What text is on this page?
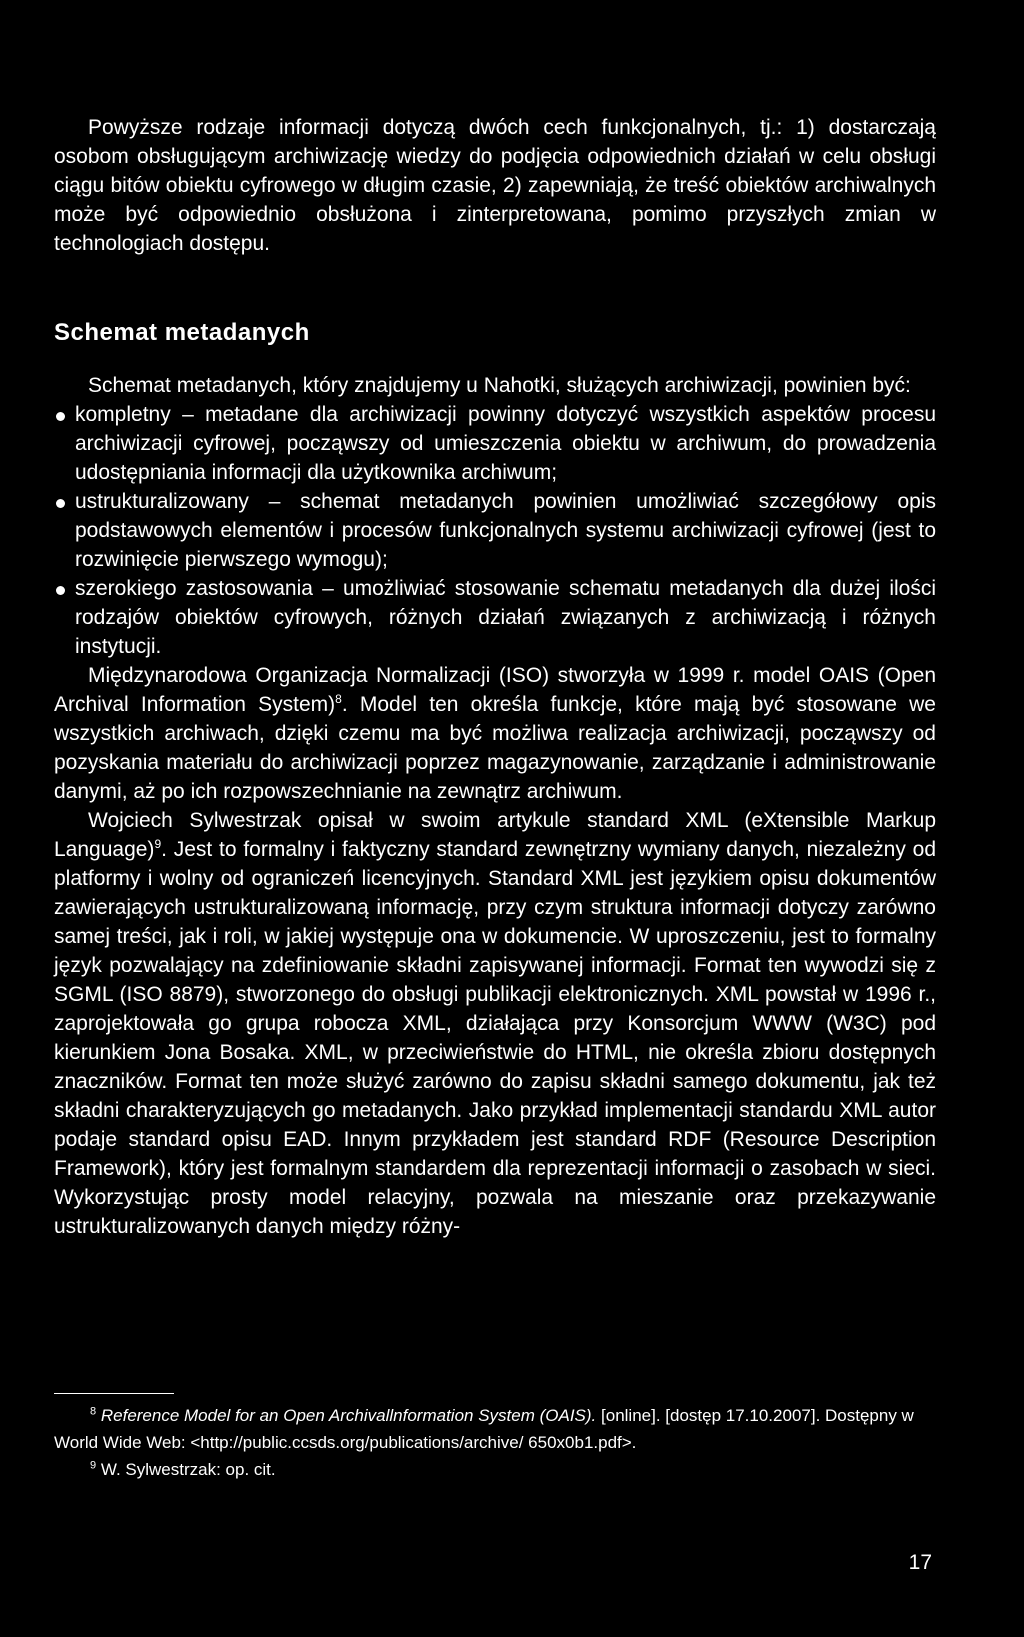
Powyższe rodzaje informacji dotyczą dwóch cech funkcjonalnych, tj.: 1) dostarczają osobom obsługującym archiwizację wiedzy do podjęcia odpowiednich działań w celu obsługi ciągu bitów obiektu cyfrowego w długim czasie, 2) zapewniają, że treść obiektów archiwalnych może być odpowiednio obsłużona i zinterpretowana, pomimo przyszłych zmian w technologiach dostępu.

Schemat metadanych

Schemat metadanych, który znajdujemy u Nahotki, służących archiwizacji, powinien być:

kompletny – metadane dla archiwizacji powinny dotyczyć wszystkich aspektów procesu archiwizacji cyfrowej, począwszy od umieszczenia obiektu w archiwum, do prowadzenia udostępniania informacji dla użytkownika archiwum;
ustrukturalizowany – schemat metadanych powinien umożliwiać szczegółowy opis podstawowych elementów i procesów funkcjonalnych systemu archiwizacji cyfrowej (jest to rozwinięcie pierwszego wymogu);
szerokiego zastosowania – umożliwiać stosowanie schematu metadanych dla dużej ilości rodzajów obiektów cyfrowych, różnych działań związanych z archiwizacją i różnych instytucji.

Międzynarodowa Organizacja Normalizacji (ISO) stworzyła w 1999 r. model OAIS (Open Archival Information System)$^8$. Model ten określa funkcje, które mają być stosowane we wszystkich archiwach, dzięki czemu ma być możliwa realizacja archiwizacji, począwszy od pozyskania materiału do archiwizacji poprzez magazynowanie, zarządzanie i administrowanie danymi, aż po ich rozpowszechnianie na zewnątrz archiwum.

Wojciech Sylwestrzak opisał w swoim artykule standard XML (eXtensible Markup Language)$^9$. Jest to formalny i faktyczny standard zewnętrzny wymiany danych, niezależny od platformy i wolny od ograniczeń licencyjnych. Standard XML jest językiem opisu dokumentów zawierających ustrukturalizowaną informację, przy czym struktura informacji dotyczy zarówno samej treści, jak i roli, w jakiej występuje ona w dokumencie. W uproszczeniu, jest to formalny język pozwalający na zdefiniowanie składni zapisywanej informacji. Format ten wywodzi się z SGML (ISO 8879), stworzonego do obsługi publikacji elektronicznych. XML powstał w 1996 r., zaprojektowała go grupa robocza XML, działająca przy Konsorcjum WWW (W3C) pod kierunkiem Jona Bosaka. XML, w przeciwieństwie do HTML, nie określa zbioru dostępnych znaczników. Format ten może służyć zarówno do zapisu składni samego dokumentu, jak też składni charakteryzujących go metadanych. Jako przykład implementacji standardu XML autor podaje standard opisu EAD. Innym przykładem jest standard RDF (Resource Description Framework), który jest formalnym standardem dla reprezentacji informacji o zasobach w sieci. Wykorzystując prosty model relacyjny, pozwala na mieszanie oraz przekazywanie ustrukturalizowanych danych między różny-

$^8$ Reference Model for an Open Archivallnformation System (OAIS). [online]. [dostęp 17.10.2007]. Dostępny w World Wide Web: <http://public.ccsds.org/publications/archive/ 650x0b1.pdf>.

$^9$ W. Sylwestrzak: op. cit.

17
